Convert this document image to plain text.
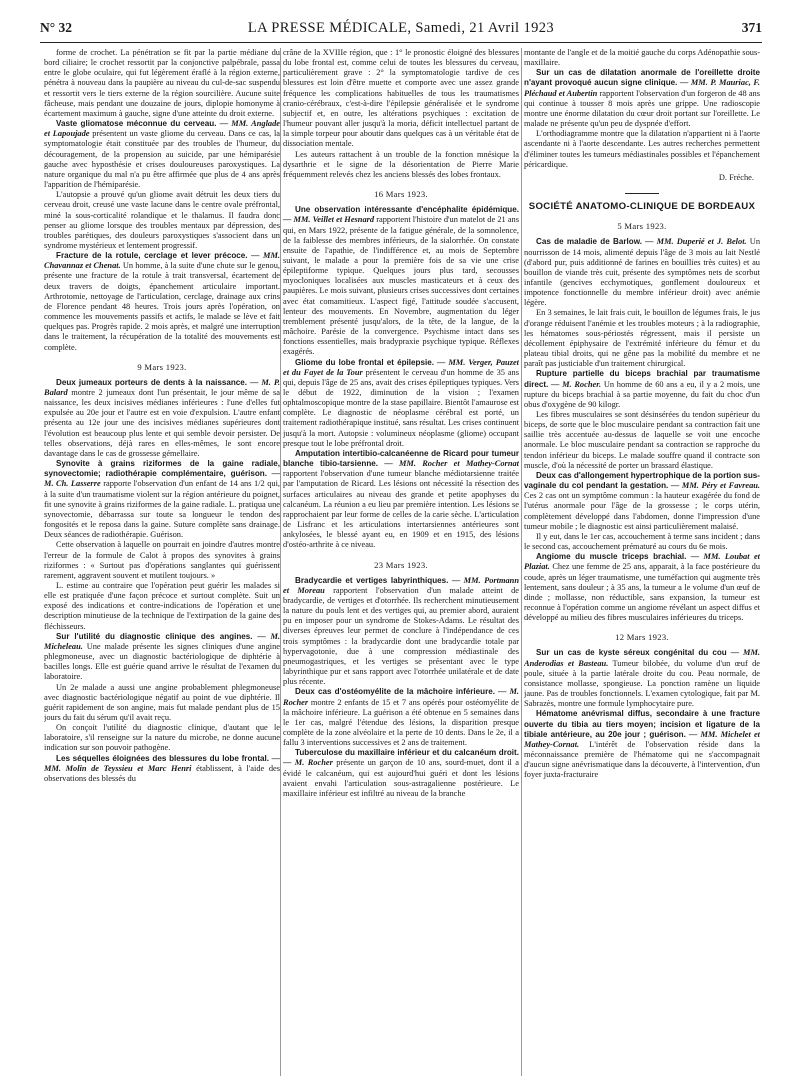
N° 32	LA PRESSE MÉDICALE, Samedi, 21 Avril 1923	371

forme de crochet. La pénétration se fit par la partie médiane du bord ciliaire; le crochet ressortit par la conjonctive palpébrale, passa entre le globe oculaire, qui fut légèrement éraflé à la région externe, pénétra à nouveau dans la paupière au niveau du cul-de-sac suspendu et ressortit vers le tiers externe de la région sourcilière. Aucune suite fâcheuse, mais pendant une douzaine de jours, diplopie homonyme à écartement maximum à gauche, signe d'une atteinte du droit externe.

Vaste gliomatose méconnue du cerveau. — MM. Anglade et Lapoujade présentent un vaste gliome du cerveau. Dans ce cas, la symptomatologie était constituée par des troubles de l'humeur, du découragement, de la propension au suicide, par une hémiparésie gauche avec hyposthésie et crises douloureuses paroxystiques. La nature organique du mal n'a pu être affirmée que plus de 4 ans après l'apparition de l'hémiparésie.

L'autopsie a prouvé qu'un gliome avait détruit les deux tiers du cerveau droit, creusé une vaste lacune dans le centre ovale préfrontal, miné la sous-corticalité rolandique et le thalamus. Il faudra donc penser au gliome lorsque des troubles mentaux par dépression, des troubles parétiques, des douleurs paroxystiques s'associent dans un syndrome mystérieux et lentement progressif.

Fracture de la rotule, cerclage et lever précoce. — MM. Chavannaz et Chenat. Un homme, à la suite d'une chute sur le genou, présente une fracture de la rotule à trait transversal, écartement de deux travers de doigts, épanchement articulaire important. Arthrotomie, nettoyage de l'articulation, cerclage, drainage aux crins de Florence pendant 48 heures. Trois jours après l'opération, on commence les mouvements passifs et actifs, le malade se lève et fait quelques pas. Progrès rapide. 2 mois après, et malgré une interruption dans le traitement, la récupération de la totalité des mouvements est complète.

9 Mars 1923.

Deux jumeaux porteurs de dents à la naissance. — M. P. Balard montre 2 jumeaux dont l'un présentait, le jour même de sa naissance, les deux incisives médianes inférieures : l'une d'elles fut expulsée au 20e jour et l'autre est en voie d'expulsion. L'autre enfant présenta au 12e jour une des incisives médianes supérieures dont l'évolution est beaucoup plus lente et qui semble devoir persister. De telles observations, déjà rares en elles-mêmes, le sont encore davantage dans le cas de grossesse gémellaire.

Synovite à grains riziformes de la gaine radiale, synovectomie; radiothérapie complémentaire, guérison. — M. Ch. Lasserre rapporte l'observation d'un enfant de 14 ans 1/2 qui, à la suite d'un traumatisme violent sur la région antérieure du poignet, fit une synovite à grains riziformes de la gaine radiale. L. pratiqua une synovectomie, débarrassa sur toute sa longueur le tendon des fongosités et le reposa dans la gaine. Suture complète sans drainage. Deux séances de radiothérapie. Guérison.

Cette observation à laquelle on pourrait en joindre d'autres montre l'erreur de la formule de Calot à propos des synovites à grains riziformes : « Surtout pas d'opérations sanglantes qui guérissent rarement, aggravent souvent et mutilent toujours. »

L. estime au contraire que l'opération peut guérir les malades si elle est pratiquée d'une façon précoce et surtout complète. Suit un exposé des indications et contre-indications de l'opération et une description minutieuse de la technique de l'extirpation de la gaine des fléchisseurs.

Sur l'utilité du diagnostic clinique des angines. — M. Micheleau. Une malade présente les signes cliniques d'une angine phlegmoneuse, avec un diagnostic bactériologique de diphtérie à bacilles longs. Elle est guérie quand arrive le résultat de l'examen du laboratoire.

Un 2e malade a aussi une angine probablement phlegmoneuse avec diagnostic bactériologique négatif au point de vue diphtérie. Il guérit rapidement de son angine, mais fut malade pendant plus de 15 jours du fait du sérum qu'il avait reçu.

On conçoit l'utilité du diagnostic clinique, d'autant que le laboratoire, s'il renseigne sur la nature du microbe, ne donne aucune indication sur son pouvoir pathogène.

Les séquelles éloignées des blessures du lobe frontal. — MM. Molin de Teyssieu et Marc Henri établissent, à l'aide des observations des blessés du

crâne de la XVIIIe région, que : 1° le pronostic éloigné des blessures du lobe frontal est, comme celui de toutes les blessures du cerveau, particulièrement grave : 2° la symptomatologie tardive de ces blessures est loin d'être muette et comporte avec une assez grande fréquence les complications habituelles de tous les traumatismes cranio-cérébraux, c'est-à-dire l'épilepsie généralisée et le syndrome subjectif et, en outre, les altérations psychiques : excitation de l'humeur pouvant aller jusqu'à la moria, déficit intellectuel partant de la simple torpeur pour aboutir dans quelques cas à un véritable état de dissociation mentale.

Les auteurs rattachent à un trouble de la fonction mnésique la dysarthrie et le signe de la désorientation de Pierre Marie fréquemment relevés chez les anciens blessés des lobes frontaux.

16 Mars 1923.

Une observation intéressante d'encéphalite épidémique. — MM. Veillet et Hesnard rapportent l'histoire d'un matelot de 21 ans qui, en Mars 1922, présente de la fatigue générale, de la somnolence, de la faiblesse des membres inférieurs, de la sialorrhée. On constate ensuite de l'apathie, de l'indifférence et, au mois de Septembre suivant, le malade a pour la première fois de sa vie une crise épileptiforme typique. Quelques jours plus tard, secousses myocloniques localisées aux muscles masticateurs et à ceux des paupières. Le mois suivant, plusieurs crises successives dont certaines avec état comamitieux. L'aspect figé, l'attitude soudée s'accusent, lenteur des mouvements. En Novembre, augmentation du léger tremblement présenté jusqu'alors, de la tête, de la langue, de la mâchoire. Parésie de la convergence. Psychisme intact dans ses fonctions essentielles, mais bradypraxie psychique typique. Réflexes exagérés.

Gliome du lobe frontal et épilepsie. — MM. Verger, Pauzet et du Fayet de la Tour présentent le cerveau d'un homme de 35 ans qui, depuis l'âge de 25 ans, avait des crises épileptiques typiques. Vers le début de 1922, diminution de la vision ; l'examen ophtalmoscopique montre de la stase papillaire. Bientôt l'amaurose est complète. Le diagnostic de néoplasme cérébral est porté, un traitement radiothérapique institué, sans résultat. Les crises continuent jusqu'à la mort. Autopsie : volumineux néoplasme (gliome) occupant presque tout le lobe préfrontal droit.

Amputation intertibio-calcanéenne de Ricard pour tumeur blanche tibio-tarsienne. — MM. Rocher et Mathey-Cornat rapportent l'observation d'une tumeur blanche médiotarsienne traitée par l'amputation de Ricard. Les lésions ont nécessité la résection des surfaces articulaires au niveau des grande et petite apophyses du calcanéum. La réunion a eu lieu par première intention. Les lésions se rapprochaient par leur forme de celles de la carie sèche. L'articulation de Lisfranc et les articulations intertarsiennes antérieures sont ankylosées, le blessé ayant eu, en 1909 et en 1915, des lésions d'ostéo-arthrite à ce niveau.

23 Mars 1923.

Bradycardie et vertiges labyrinthiques. — MM. Portmann et Moreau rapportent l'observation d'un malade atteint de bradycardie, de vertiges et d'otorrhée. Ils recherchent minutieusement la nature du pouls lent et des vertiges qui, au premier abord, auraient pu en imposer pour un syndrome de Stokes-Adams. Le résultat des diverses épreuves leur permet de conclure à l'indépendance de ces trois symptômes : la bradycardie dont une bradycardie totale par hypervagotonie, due à une compression médiastinale des pneumogastriques, et les vertiges se présentant avec le type labyrinthique pur et sans rapport avec l'otorrhée unilatérale et de date plus récente.

Deux cas d'ostéomyélite de la mâchoire inférieure. — M. Rocher montre 2 enfants de 15 et 7 ans opérés pour ostéomyélite de la mâchoire inférieure. La guérison a été obtenue en 5 semaines dans le 1er cas, malgré l'étendue des lésions, la disparition presque complète de la zone alvéolaire et la perte de 10 dents. Dans le 2e, il a fallu 3 interventions successives et 2 ans de traitement.

Tuberculose du maxillaire inférieur et du calcanéum droit. — M. Rocher présente un garçon de 10 ans, sourd-muet, dont il a évidé le calcanéum, qui est aujourd'hui guéri et dont les lésions avaient envahi l'articulation sous-astragalienne postérieure. Le maxillaire inférieur est infiltré au niveau de la branche

montante de l'angle et de la moitié gauche du corps Adénopathie sous-maxillaire.

Sur un cas de dilatation anormale de l'oreillette droite n'ayant provoqué aucun signe clinique. — MM. P. Mauriac, F. Pléchaud et Aubertin rapportent l'observation d'un forgeron de 48 ans qui continue à tousser 8 mois après une grippe. Une radioscopie montre une énorme dilatation du cœur droit portant sur l'oreillette. Le malade ne présente qu'un peu de dyspnée d'effort.

L'orthodiagramme montre que la dilatation n'appartient ni à l'aorte ascendante ni à l'aorte descendante. Les autres recherches permettent d'éliminer toutes les tumeurs médiastinales possibles et l'épanchement péricardique.

D. Fréche.
SOCIÉTÉ ANATOMO-CLINIQUE DE BORDEAUX
5 Mars 1923.

Cas de maladie de Barlow. — MM. Duperié et J. Belot. Un nourrisson de 14 mois, alimenté depuis l'âge de 3 mois au lait Nestlé (d'abord pur, puis additionné de farines en bouillies très cuites) et au bouillon de viande très cuit, présente des symptômes nets de scorbut infantile (gencives ecchymotiques, gonflement douloureux et impotence fonctionnelle du membre inférieur droit) avec anémie légère.

En 3 semaines, le lait frais cuit, le bouillon de légumes frais, le jus d'orange réduisent l'anémie et les troubles moteurs ; à la radiographie, les hématomes sous-périostés régressent, mais il persiste un décollement épiphysaire de l'extrémité inférieure du fémur et du plateau tibial droits, qui ne gêne pas la mobilité du membre et ne paraît pas justiciable d'un traitement chirurgical.

Rupture partielle du biceps brachial par traumatisme direct. — M. Rocher. Un homme de 60 ans a eu, il y a 2 mois, une rupture du biceps brachial à sa partie moyenne, du fait du choc d'un obus d'oxygène de 90 kilogr.

Les fibres musculaires se sont désinsérées du tendon supérieur du biceps, de sorte que le bloc musculaire pendant sa contraction fait une saillie très accentuée au-dessus de laquelle se voit une encoche anormale. Le bloc musculaire pendant sa contraction se rapproche du tendon inférieur du biceps. Le malade souffre quand il contracte son muscle, d'où la nécessité de porter un brassard élastique.

Deux cas d'allongement hypertrophique de la portion sus-vaginale du col pendant la gestation. — MM. Péry et Favreau. Ces 2 cas ont un symptôme commun : la hauteur exagérée du fond de l'utérus anormale pour l'âge de la grossesse ; le corps utérin, complètement développé dans l'abdomen, donne l'impression d'une tumeur mobile ; le diagnostic est ainsi particulièrement malaisé.

Il y eut, dans le 1er cas, accouchement à terme sans incident ; dans le second cas, accouchement prématuré au cours du 6e mois.

Angiome du muscle triceps brachial. — MM. Loubat et Plaziat. Chez une femme de 25 ans, apparait, à la face postérieure du coude, après un léger traumatisme, une tuméfaction qui augmente très lentement, sans douleur ; à 35 ans, la tumeur a le volume d'un œuf de dinde ; mollasse, non réductible, sans expansion, la tumeur est reconnue à l'opération comme un angiome révélant un aspect diffus et développé au milieu des fibres musculaires inférieures du triceps.

12 Mars 1923.

Sur un cas de kyste séreux congénital du cou — MM. Anderodias et Basteau. Tumeur bilobée, du volume d'un œuf de poule, située à la partie latérale droite du cou. Peau normale, de consistance mollasse, spongieuse. La ponction ramène un liquide jaune. Pas de troubles fonctionnels. L'examen cytologique, fait par M. Sabrazès, montre une formule lymphocytaire pure.

Hématome anévrismal diffus, secondaire à une fracture ouverte du tibia au tiers moyen; incision et ligature de la tibiale antérieure, au 20e jour ; guérison. — MM. Michelet et Mathey-Cornat. L'intérêt de l'observation réside dans la méconnaissance première de l'hématome qui ne s'accompagnait d'aucun signe anévrismatique dans la découverte, à l'intervention, d'un foyer juxta-fracturaire
